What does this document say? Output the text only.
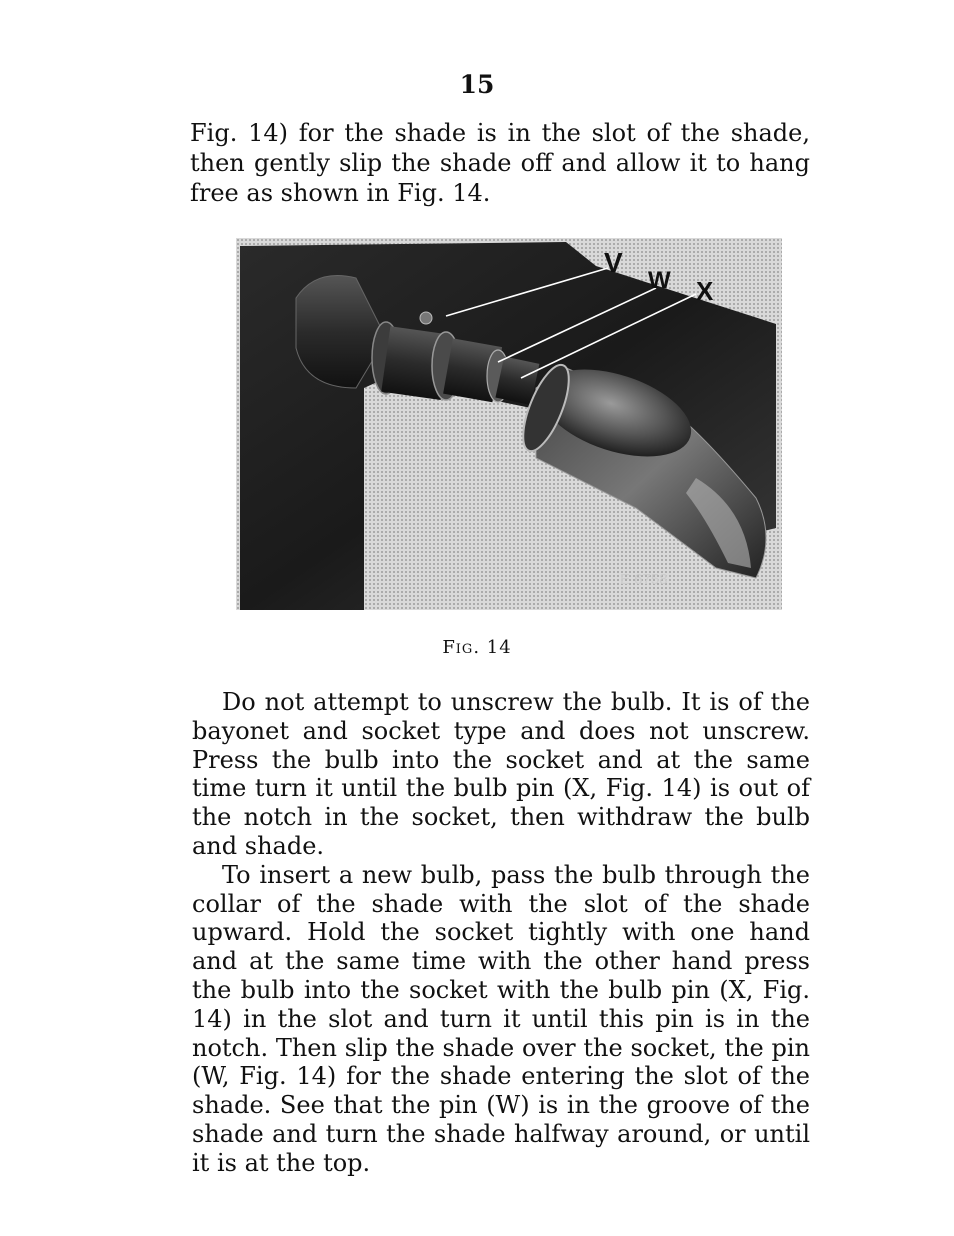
15

Fig. 14) for the shade is in the slot of the shade, then gently slip the shade off and allow it to hang free as shown in Fig. 14.

V
W X
E 6758
Fig. 14

Do not attempt to unscrew the bulb. It is of the bayonet and socket type and does not unscrew. Press the bulb into the socket and at the same time turn it until the bulb pin (X, Fig. 14) is out of the notch in the socket, then withdraw the bulb and shade.

To insert a new bulb, pass the bulb through the collar of the shade with the slot of the shade upward. Hold the socket tightly with one hand and at the same time with the other hand press the bulb into the socket with the bulb pin (X, Fig. 14) in the slot and turn it until this pin is in the notch. Then slip the shade over the socket, the pin (W, Fig. 14) for the shade entering the slot of the shade. See that the pin (W) is in the groove of the shade and turn the shade halfway around, or until it is at the top.
